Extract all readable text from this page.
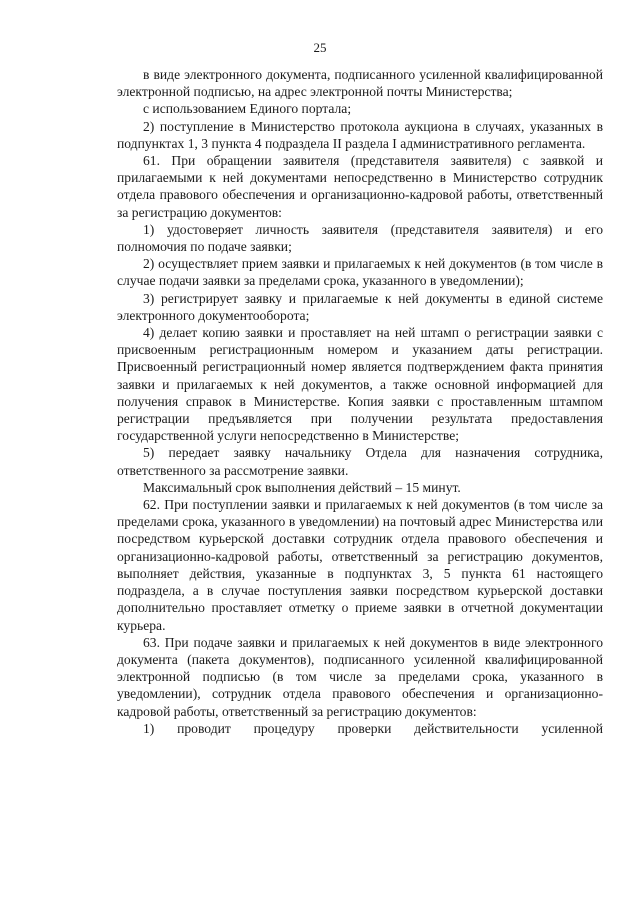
25

в виде электронного документа, подписанного усиленной квалифицированной электронной подписью, на адрес электронной почты Министерства;

с использованием Единого портала;

2) поступление в Министерство протокола аукциона в случаях, указанных в подпунктах 1, 3 пункта 4 подраздела II раздела I административного регламента.

61. При обращении заявителя (представителя заявителя) с заявкой и прилагаемыми к ней документами непосредственно в Министерство сотрудник отдела правового обеспечения и организационно-кадровой работы, ответственный за регистрацию документов:

1) удостоверяет личность заявителя (представителя заявителя) и его полномочия по подаче заявки;

2) осуществляет прием заявки и прилагаемых к ней документов (в том числе в случае подачи заявки за пределами срока, указанного в уведомлении);

3) регистрирует заявку и прилагаемые к ней документы в единой системе электронного документооборота;

4) делает копию заявки и проставляет на ней штамп о регистрации заявки с присвоенным регистрационным номером и указанием даты регистрации. Присвоенный регистрационный номер является подтверждением факта принятия заявки и прилагаемых к ней документов, а также основной информацией для получения справок в Министерстве. Копия заявки с проставленным штампом регистрации предъявляется при получении результата предоставления государственной услуги непосредственно в Министерстве;

5) передает заявку начальнику Отдела для назначения сотрудника, ответственного за рассмотрение заявки.

Максимальный срок выполнения действий – 15 минут.

62. При поступлении заявки и прилагаемых к ней документов (в том числе за пределами срока, указанного в уведомлении) на почтовый адрес Министерства или посредством курьерской доставки сотрудник отдела правового обеспечения и организационно-кадровой работы, ответственный за регистрацию документов, выполняет действия, указанные в подпунктах 3, 5 пункта 61 настоящего подраздела, а в случае поступления заявки посредством курьерской доставки дополнительно проставляет отметку о приеме заявки в отчетной документации курьера.

63. При подаче заявки и прилагаемых к ней документов в виде электронного документа (пакета документов), подписанного усиленной квалифицированной электронной подписью (в том числе за пределами срока, указанного в уведомлении), сотрудник отдела правового обеспечения и организационно-кадровой работы, ответственный за регистрацию документов:

1) проводит процедуру проверки действительности усиленной
